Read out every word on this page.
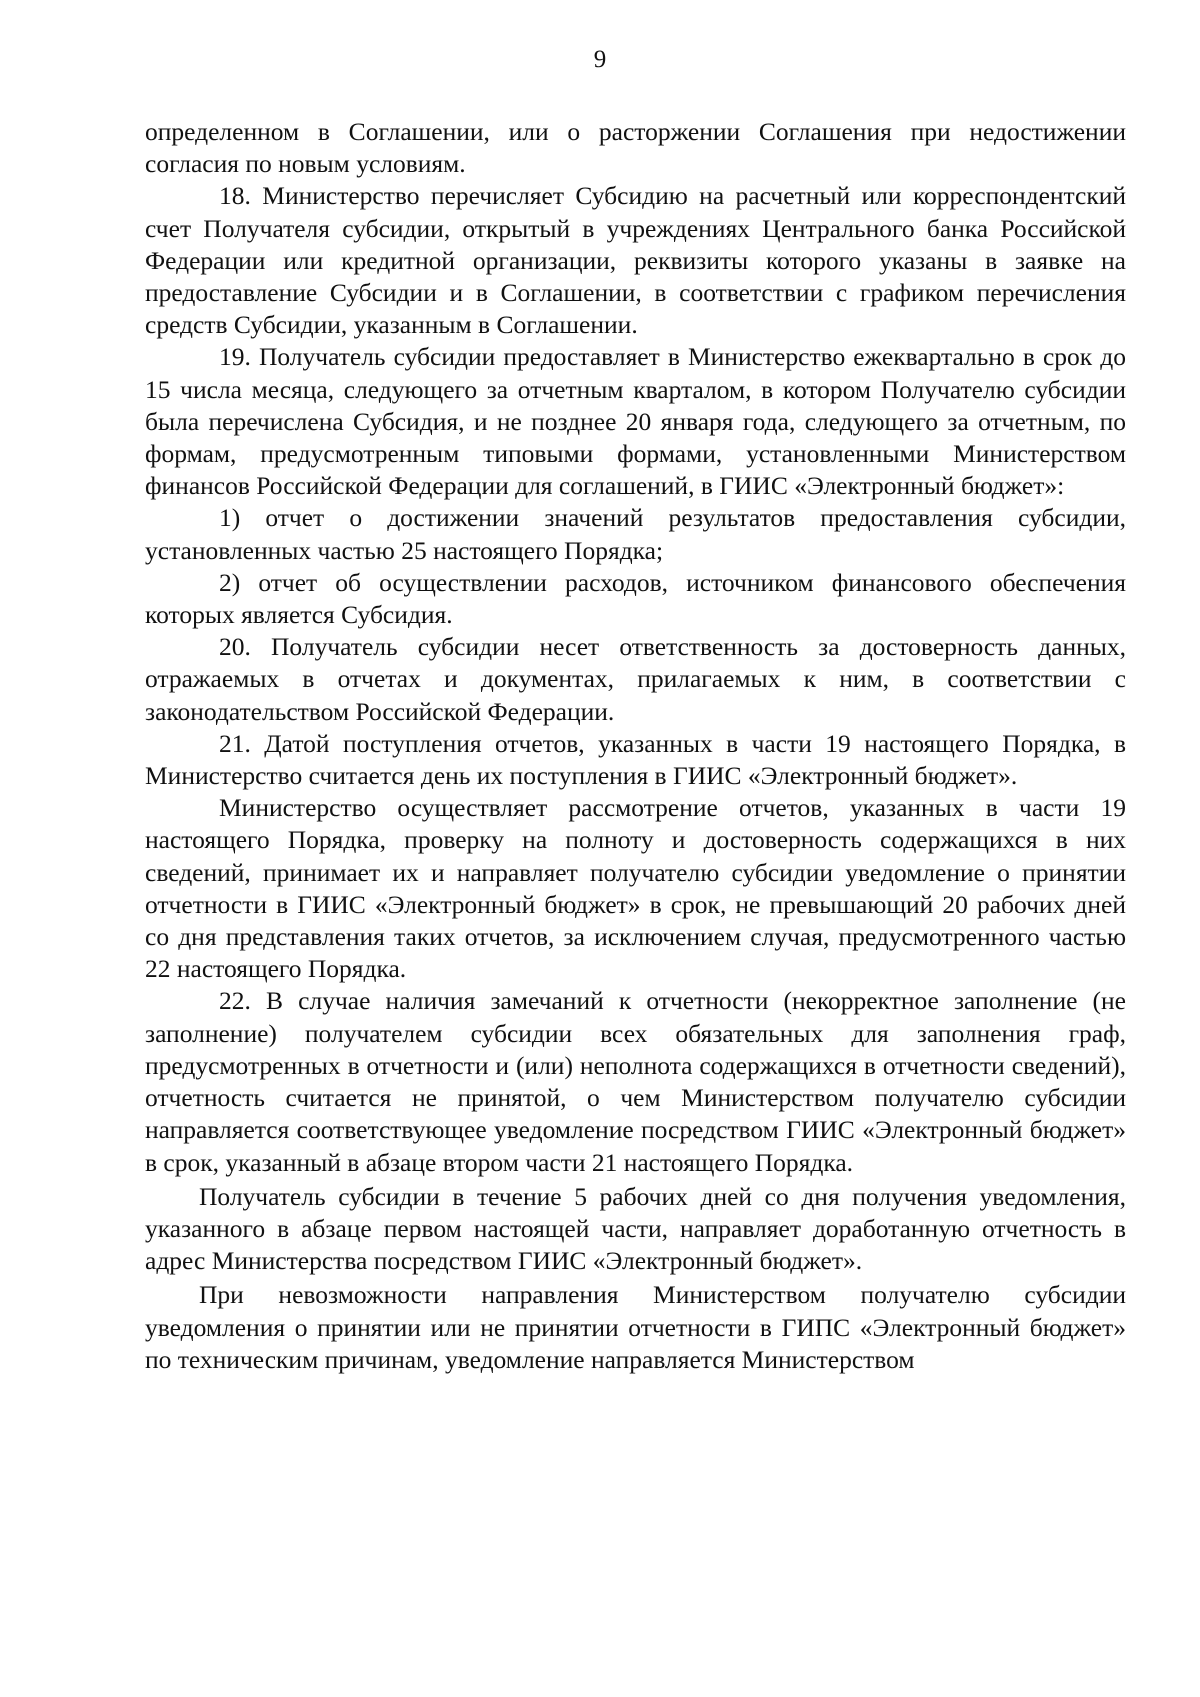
9

определенном в Соглашении, или о расторжении Соглашения при недостижении согласия по новым условиям.

18. Министерство перечисляет Субсидию на расчетный или корреспондентский счет Получателя субсидии, открытый в учреждениях Центрального банка Российской Федерации или кредитной организации, реквизиты которого указаны в заявке на предоставление Субсидии и в Соглашении, в соответствии с графиком перечисления средств Субсидии, указанным в Соглашении.

19. Получатель субсидии предоставляет в Министерство ежеквартально в срок до 15 числа месяца, следующего за отчетным кварталом, в котором Получателю субсидии была перечислена Субсидия, и не позднее 20 января года, следующего за отчетным, по формам, предусмотренным типовыми формами, установленными Министерством финансов Российской Федерации для соглашений, в ГИИС «Электронный бюджет»:

1) отчет о достижении значений результатов предоставления субсидии, установленных частью 25 настоящего Порядка;

2) отчет об осуществлении расходов, источником финансового обеспечения которых является Субсидия.

20. Получатель субсидии несет ответственность за достоверность данных, отражаемых в отчетах и документах, прилагаемых к ним, в соответствии с законодательством Российской Федерации.

21. Датой поступления отчетов, указанных в части 19 настоящего Порядка, в Министерство считается день их поступления в ГИИС «Электронный бюджет».

Министерство осуществляет рассмотрение отчетов, указанных в части 19 настоящего Порядка, проверку на полноту и достоверность содержащихся в них сведений, принимает их и направляет получателю субсидии уведомление о принятии отчетности в ГИИС «Электронный бюджет» в срок, не превышающий 20 рабочих дней со дня представления таких отчетов, за исключением случая, предусмотренного частью 22 настоящего Порядка.

22. В случае наличия замечаний к отчетности (некорректное заполнение (не заполнение) получателем субсидии всех обязательных для заполнения граф, предусмотренных в отчетности и (или) неполнота содержащихся в отчетности сведений), отчетность считается не принятой, о чем Министерством получателю субсидии направляется соответствующее уведомление посредством ГИИС «Электронный бюджет» в срок, указанный в абзаце втором части 21 настоящего Порядка.

Получатель субсидии в течение 5 рабочих дней со дня получения уведомления, указанного в абзаце первом настоящей части, направляет доработанную отчетность в адрес Министерства посредством ГИИС «Электронный бюджет».

При невозможности направления Министерством получателю субсидии уведомления о принятии или не принятии отчетности в ГИПС «Электронный бюджет» по техническим причинам, уведомление направляется Министерством
